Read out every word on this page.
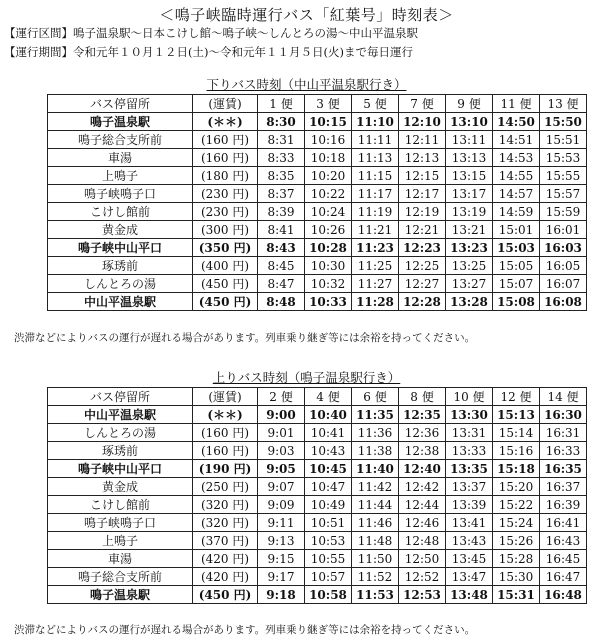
＜鳴子峡臨時運行バス「紅葉号」時刻表＞
【運行区間】鳴子温泉駅〜日本こけし館〜鳴子峡〜しんとろの湯〜中山平温泉駅
【運行期間】令和元年１０月１２日(土)〜令和元年１１月５日(火)まで毎日運行
下りバス時刻（中山平温泉駅行き）
バス停留所	(運賃)	1 便	3 便	5 便	7 便	9 便	11 便	13 便
鳴子温泉駅	(＊＊)	8:30	10:15	11:10	12:10	13:10	14:50	15:50
鳴子総合支所前	(160 円)	8:31	10:16	11:11	12:11	13:11	14:51	15:51
車湯	(160 円)	8:33	10:18	11:13	12:13	13:13	14:53	15:53
上鳴子	(180 円)	8:35	10:20	11:15	12:15	13:15	14:55	15:55
鳴子峡鳴子口	(230 円)	8:37	10:22	11:17	12:17	13:17	14:57	15:57
こけし館前	(230 円)	8:39	10:24	11:19	12:19	13:19	14:59	15:59
黄金成	(300 円)	8:41	10:26	11:21	12:21	13:21	15:01	16:01
鳴子峡中山平口	(350 円)	8:43	10:28	11:23	12:23	13:23	15:03	16:03
琢琇前	(400 円)	8:45	10:30	11:25	12:25	13:25	15:05	16:05
しんとろの湯	(450 円)	8:47	10:32	11:27	12:27	13:27	15:07	16:07
中山平温泉駅	(450 円)	8:48	10:33	11:28	12:28	13:28	15:08	16:08
渋滞などによりバスの運行が遅れる場合があります。列車乗り継ぎ等には余裕を持ってください。
上りバス時刻（鳴子温泉駅行き）
バス停留所	(運賃)	2 便	4 便	6 便	8 便	10 便	12 便	14 便
中山平温泉駅	(＊＊)	9:00	10:40	11:35	12:35	13:30	15:13	16:30
しんとろの湯	(160 円)	9:01	10:41	11:36	12:36	13:31	15:14	16:31
琢琇前	(160 円)	9:03	10:43	11:38	12:38	13:33	15:16	16:33
鳴子峡中山平口	(190 円)	9:05	10:45	11:40	12:40	13:35	15:18	16:35
黄金成	(250 円)	9:07	10:47	11:42	12:42	13:37	15:20	16:37
こけし館前	(320 円)	9:09	10:49	11:44	12:44	13:39	15:22	16:39
鳴子峡鳴子口	(320 円)	9:11	10:51	11:46	12:46	13:41	15:24	16:41
上鳴子	(370 円)	9:13	10:53	11:48	12:48	13:43	15:26	16:43
車湯	(420 円)	9:15	10:55	11:50	12:50	13:45	15:28	16:45
鳴子総合支所前	(420 円)	9:17	10:57	11:52	12:52	13:47	15:30	16:47
鳴子温泉駅	(450 円)	9:18	10:58	11:53	12:53	13:48	15:31	16:48
渋滞などによりバスの運行が遅れる場合があります。列車乗り継ぎ等には余裕を持ってください。
